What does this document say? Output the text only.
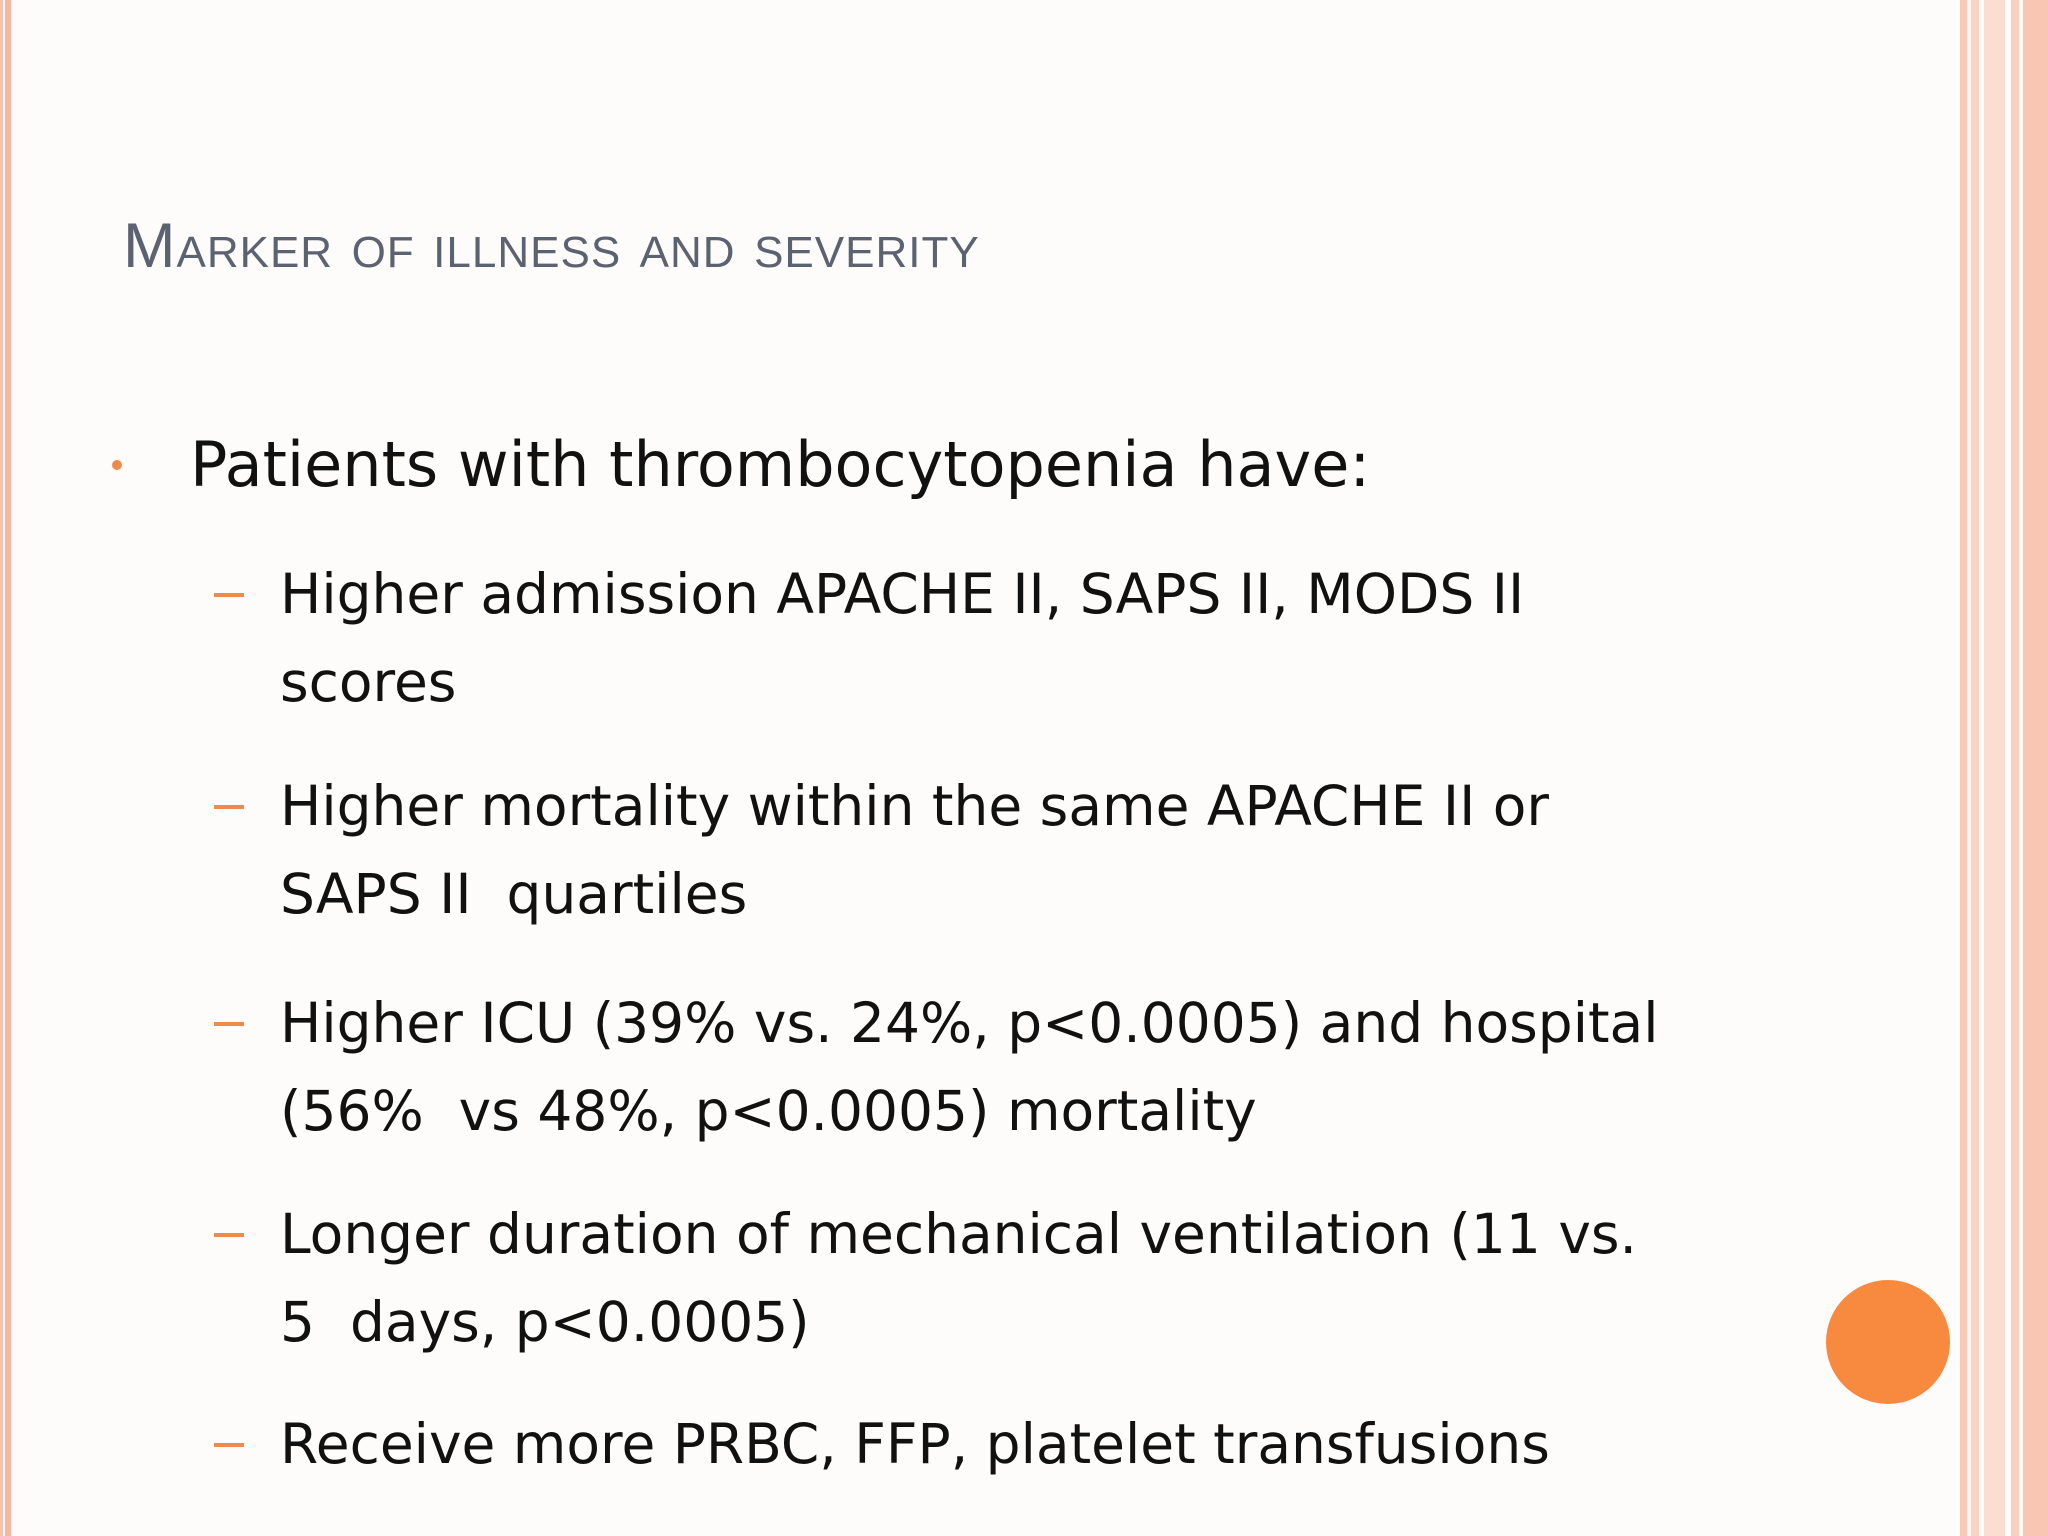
Marker of illness and severity
Patients with thrombocytopenia have:
Higher admission APACHE II, SAPS II, MODS II
scores
Higher mortality within the same APACHE II or
SAPS II  quartiles
Higher ICU (39% vs. 24%, p<0.0005) and hospital
(56%  vs 48%, p<0.0005) mortality
Longer duration of mechanical ventilation (11 vs.
5  days, p<0.0005)
Receive more PRBC, FFP, platelet transfusions
